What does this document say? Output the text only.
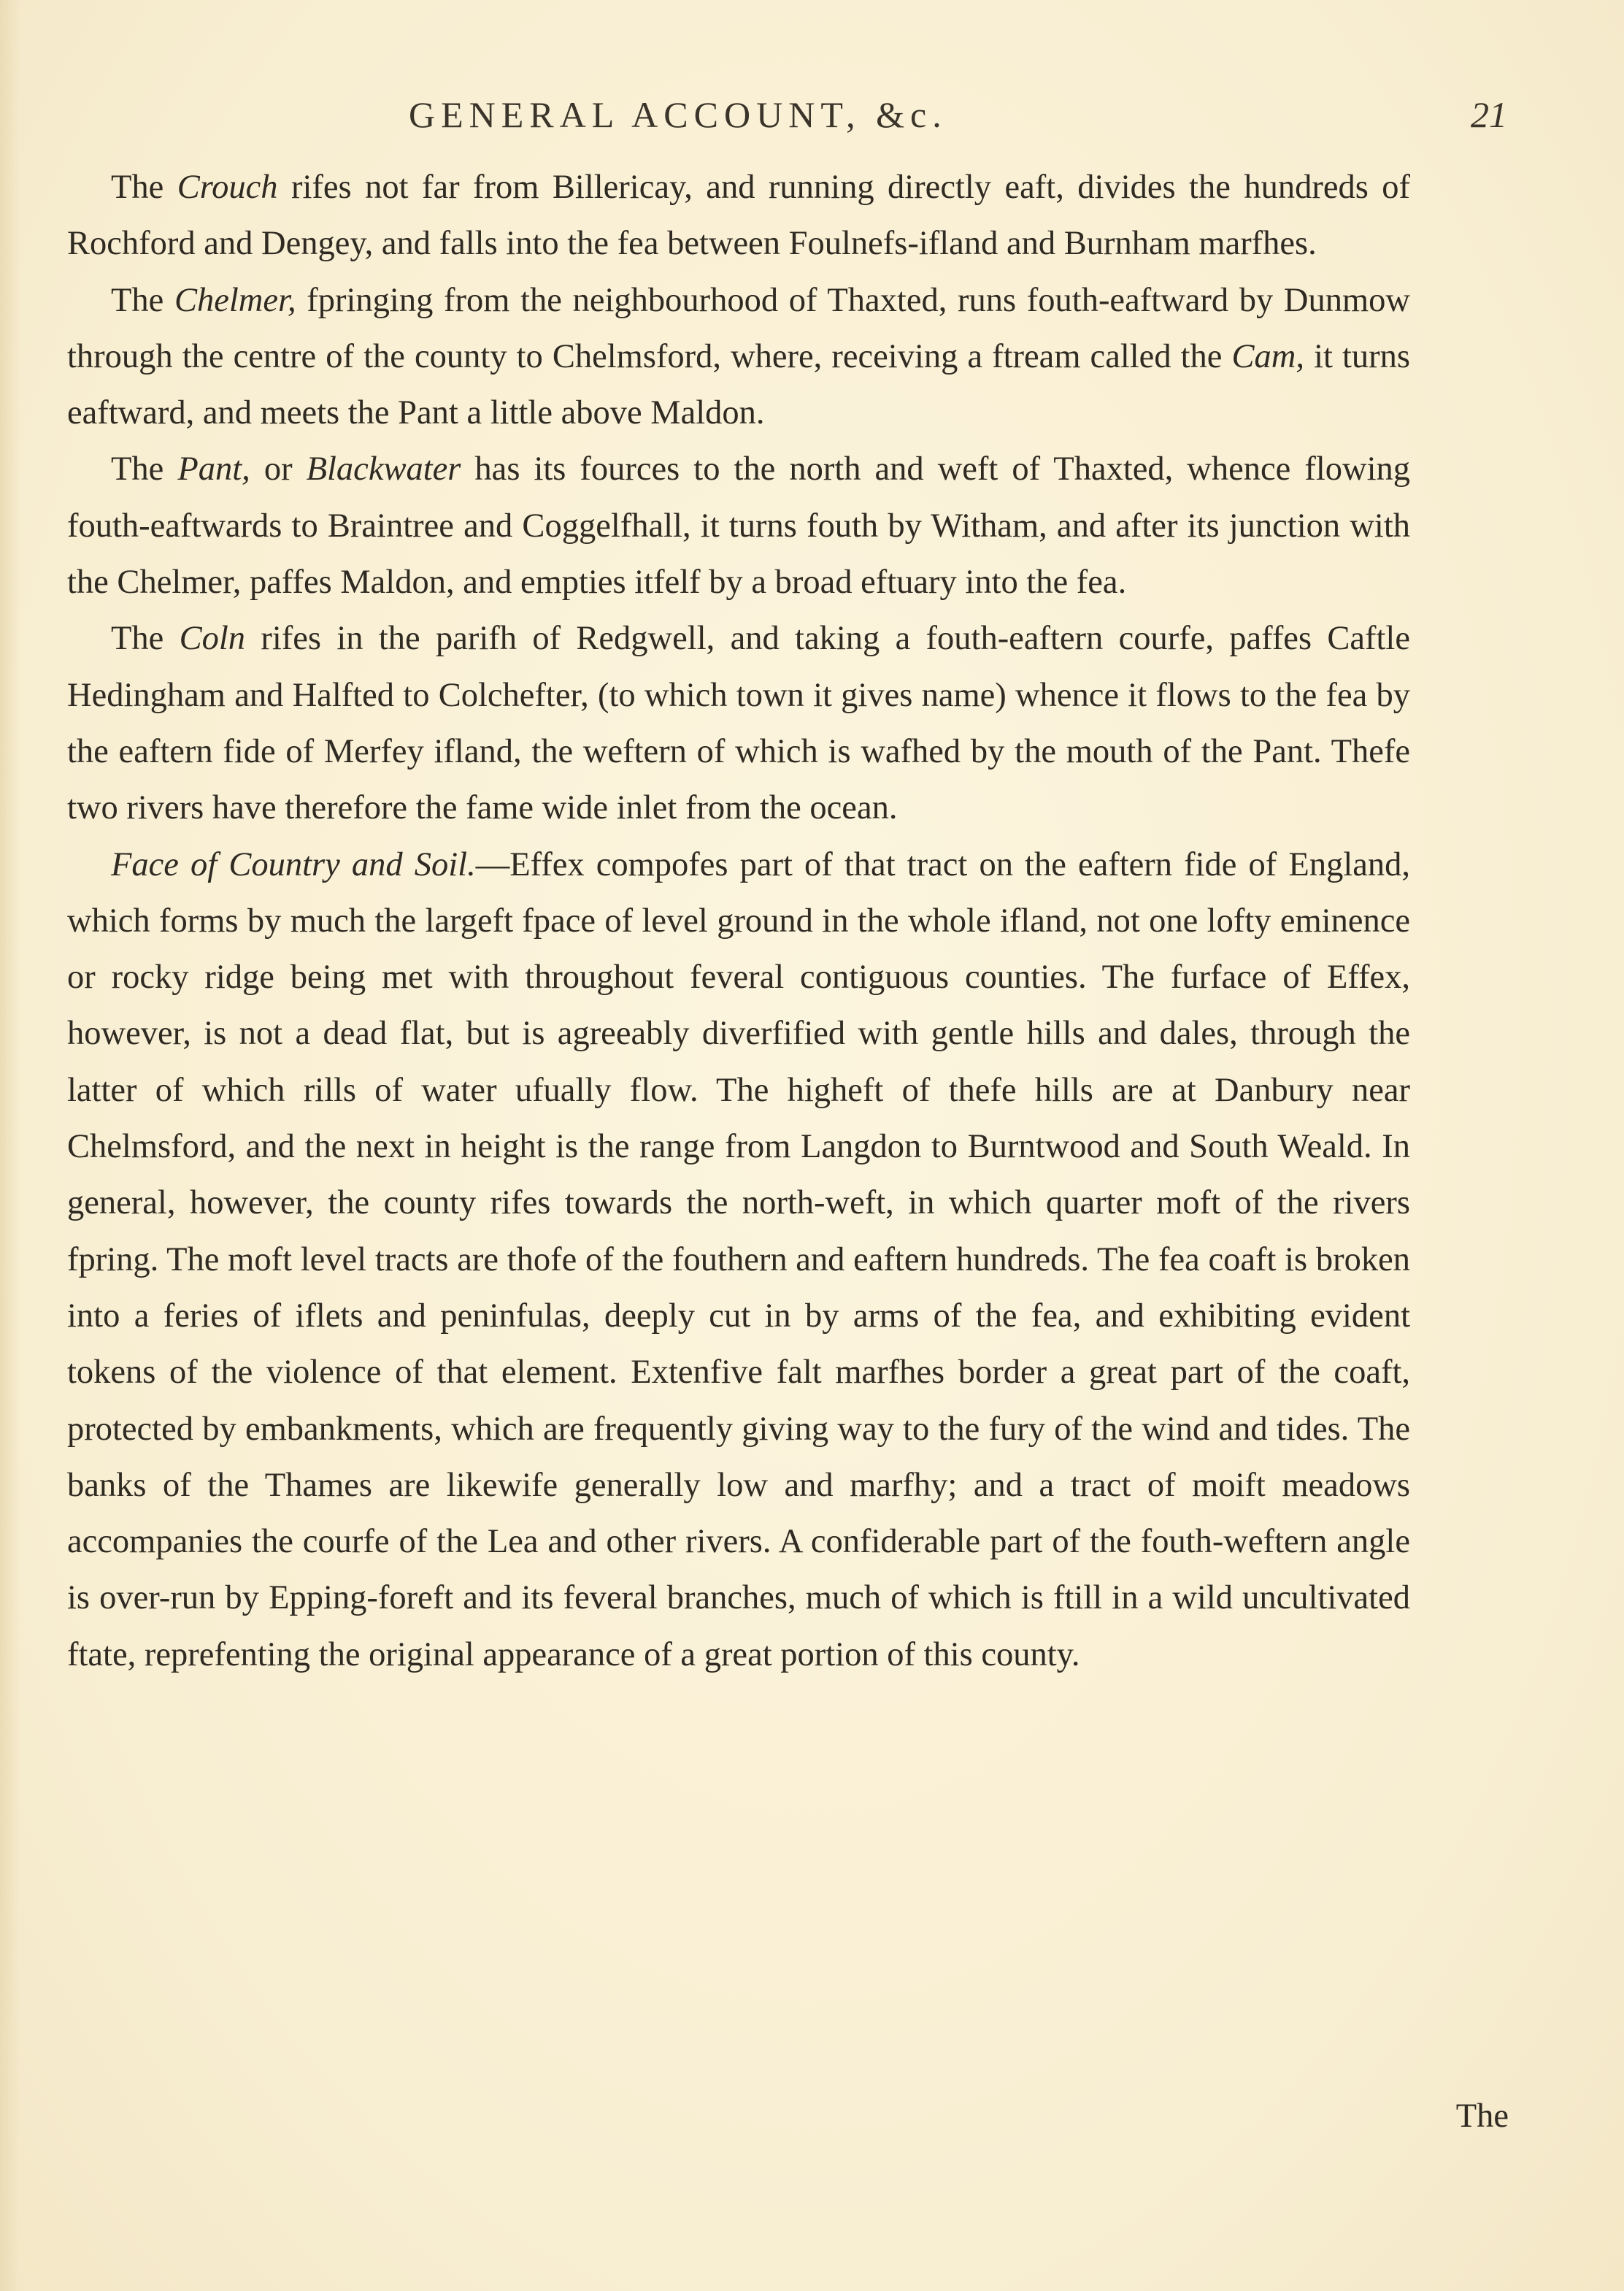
GENERAL ACCOUNT, &c.	21

The Crouch rifes not far from Billericay, and running directly eaft, divides the hundreds of Rochford and Dengey, and falls into the fea between Foulnefs-ifland and Burnham marfhes.

The Chelmer, fpringing from the neighbourhood of Thaxted, runs fouth-eaftward by Dunmow through the centre of the county to Chelmsford, where, receiving a ftream called the Cam, it turns eaftward, and meets the Pant a little above Maldon.

The Pant, or Blackwater has its fources to the north and weft of Thaxted, whence flowing fouth-eaftwards to Braintree and Coggelfhall, it turns fouth by Witham, and after its junction with the Chelmer, paffes Maldon, and empties itfelf by a broad eftuary into the fea.

The Coln rifes in the parifh of Redgwell, and taking a fouth-eaftern courfe, paffes Caftle Hedingham and Halfted to Colchefter, (to which town it gives name) whence it flows to the fea by the eaftern fide of Merfey ifland, the weftern of which is wafhed by the mouth of the Pant. Thefe two rivers have therefore the fame wide inlet from the ocean.

Face of Country and Soil.—Effex compofes part of that tract on the eaftern fide of England, which forms by much the largeft fpace of level ground in the whole ifland, not one lofty eminence or rocky ridge being met with throughout feveral contiguous counties. The furface of Effex, however, is not a dead flat, but is agreeably diverfified with gentle hills and dales, through the latter of which rills of water ufually flow. The higheft of thefe hills are at Danbury near Chelmsford, and the next in height is the range from Langdon to Burntwood and South Weald. In general, however, the county rifes towards the north-weft, in which quarter moft of the rivers fpring. The moft level tracts are thofe of the fouthern and eaftern hundreds. The fea coaft is broken into a feries of iflets and peninfulas, deeply cut in by arms of the fea, and exhibiting evident tokens of the violence of that element. Extenfive falt marfhes border a great part of the coaft, protected by embankments, which are frequently giving way to the fury of the wind and tides. The banks of the Thames are likewife generally low and marfhy; and a tract of moift meadows accompanies the courfe of the Lea and other rivers. A confiderable part of the fouth-weftern angle is over-run by Epping-foreft and its feveral branches, much of which is ftill in a wild uncultivated ftate, reprefenting the original appearance of a great portion of this county.

The
